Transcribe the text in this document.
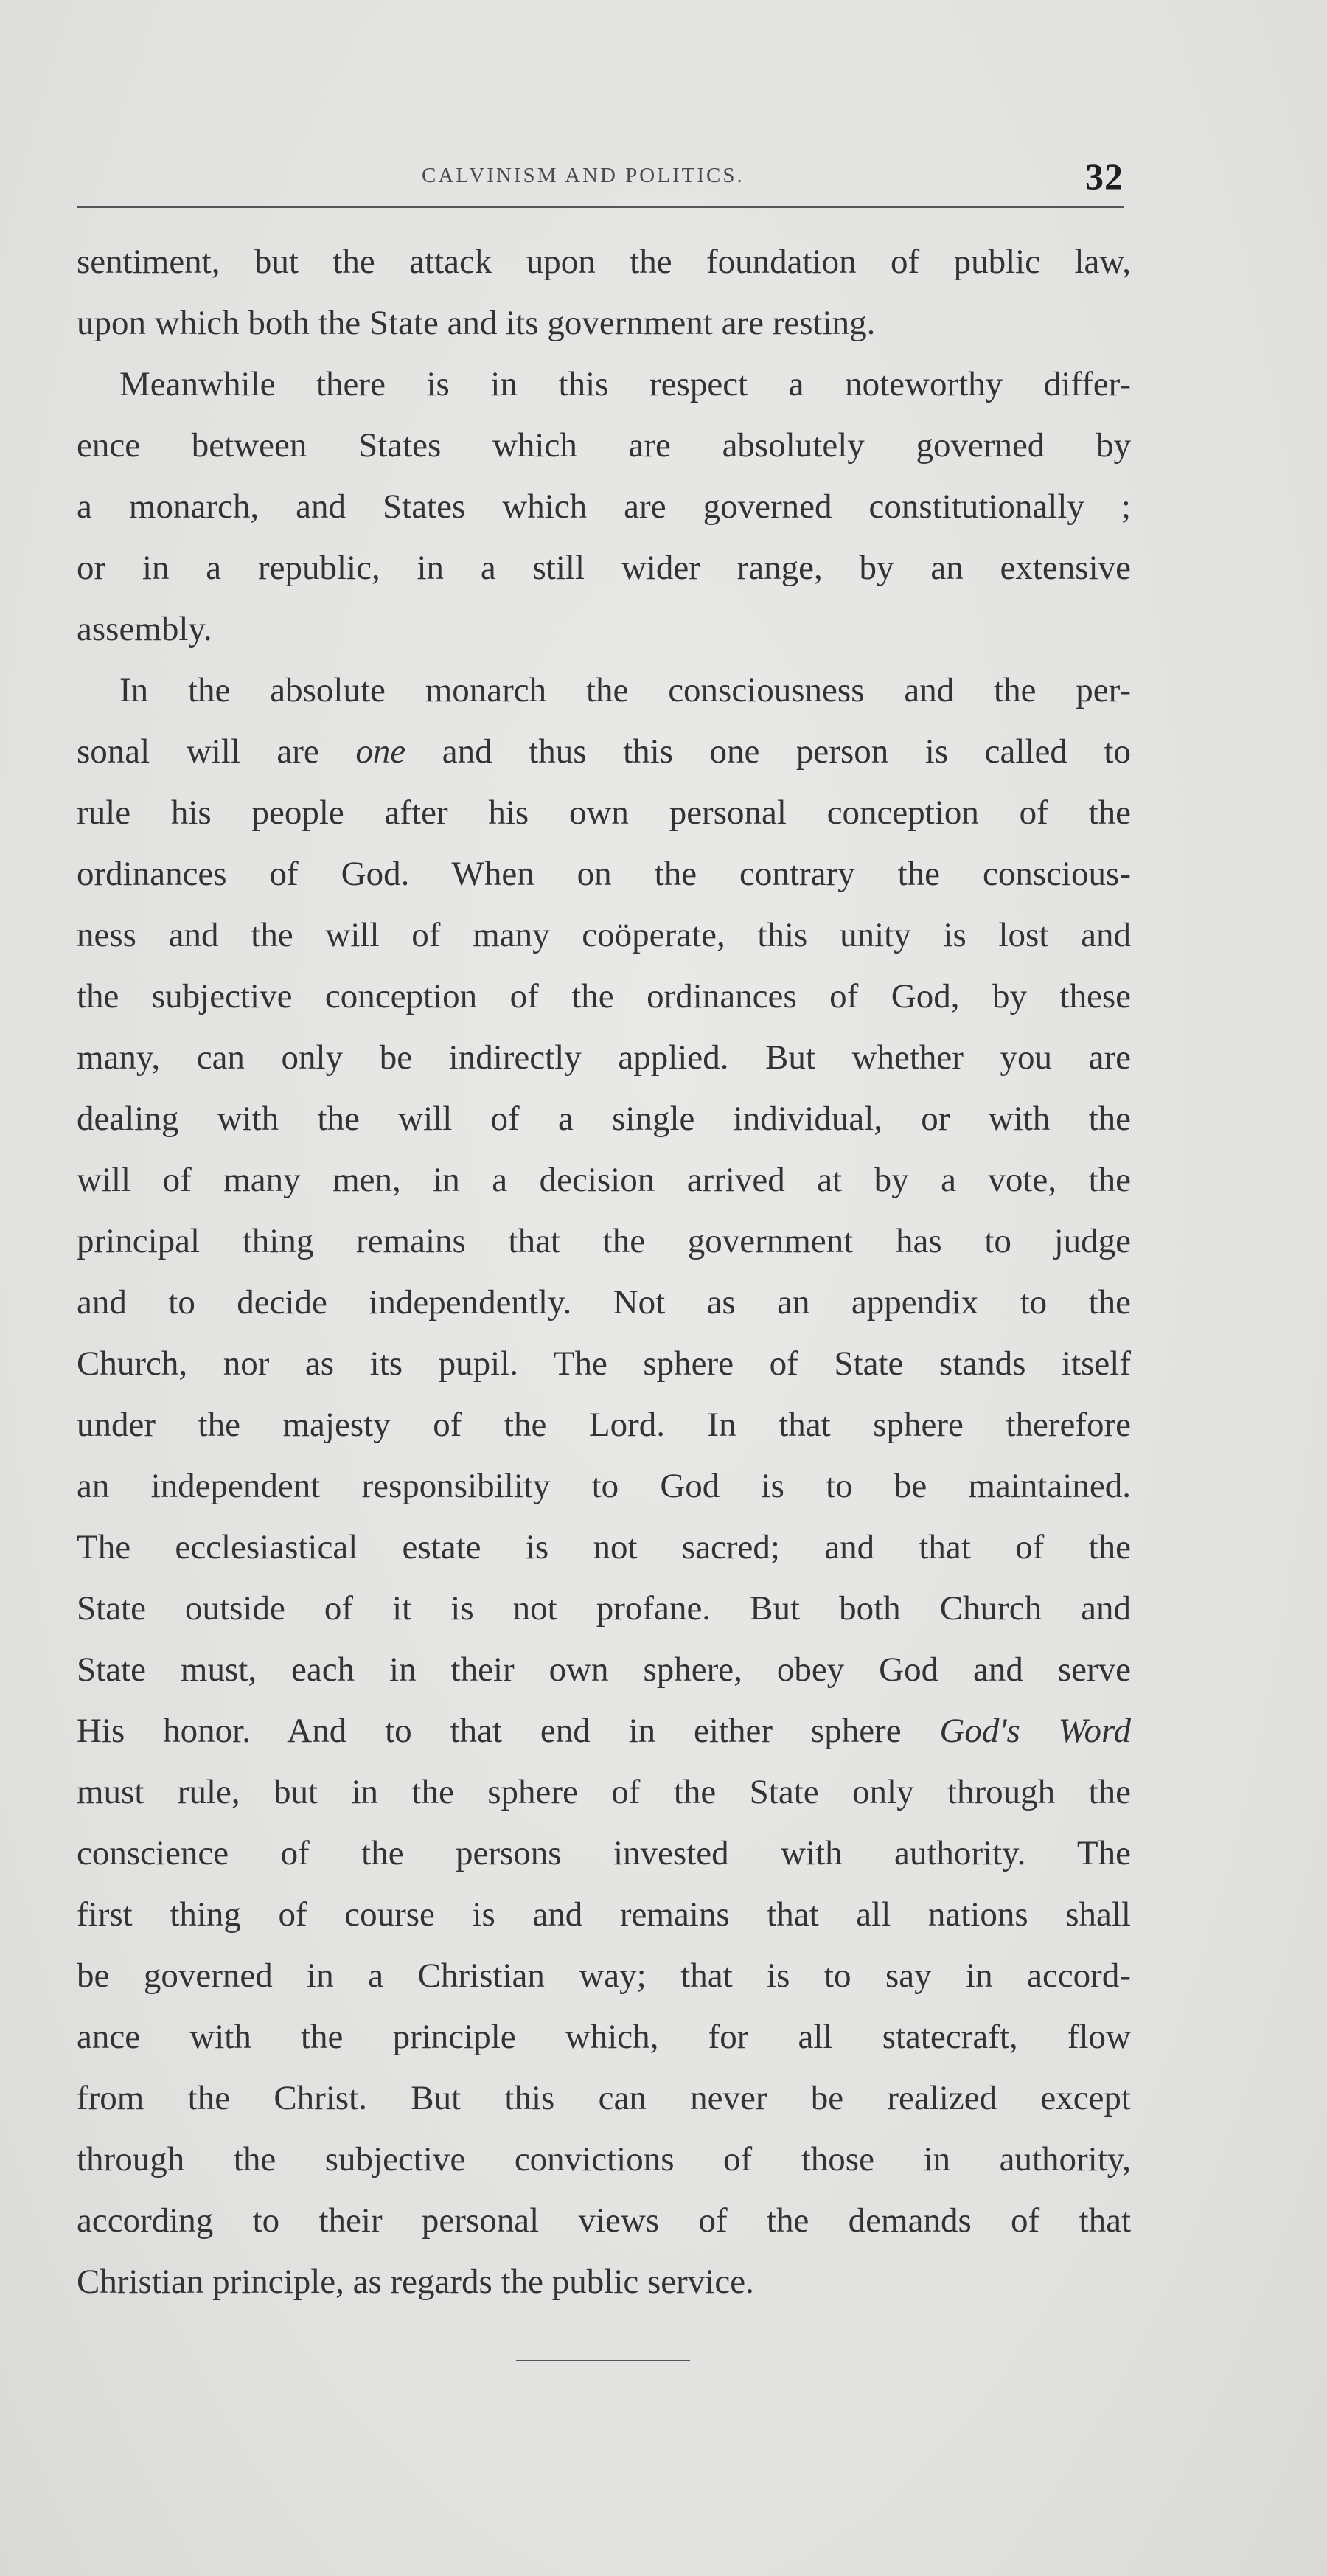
CALVINISM AND POLITICS.	32
sentiment, but the attack upon the foundation of public law,
upon which both the State and its government are resting.
Meanwhile there is in this respect a noteworthy differ-
ence between States which are absolutely governed by
a monarch, and States which are governed constitutionally ;
or in a republic, in a still wider range, by an extensive
assembly.
In the absolute monarch the consciousness and the per-
sonal will are one and thus this one person is called to
rule his people after his own personal conception of the
ordinances of God. When on the contrary the conscious-
ness and the will of many coöperate, this unity is lost and
the subjective conception of the ordinances of God, by these
many, can only be indirectly applied. But whether you are
dealing with the will of a single individual, or with the
will of many men, in a decision arrived at by a vote, the
principal thing remains that the government has to judge
and to decide independently. Not as an appendix to the
Church, nor as its pupil. The sphere of State stands itself
under the majesty of the Lord. In that sphere therefore
an independent responsibility to God is to be maintained.
The ecclesiastical estate is not sacred; and that of the
State outside of it is not profane. But both Church and
State must, each in their own sphere, obey God and serve
His honor. And to that end in either sphere God's Word
must rule, but in the sphere of the State only through the
conscience of the persons invested with authority. The
first thing of course is and remains that all nations shall
be governed in a Christian way; that is to say in accord-
ance with the principle which, for all statecraft, flow
from the Christ. But this can never be realized except
through the subjective convictions of those in authority,
according to their personal views of the demands of that
Christian principle, as regards the public service.
